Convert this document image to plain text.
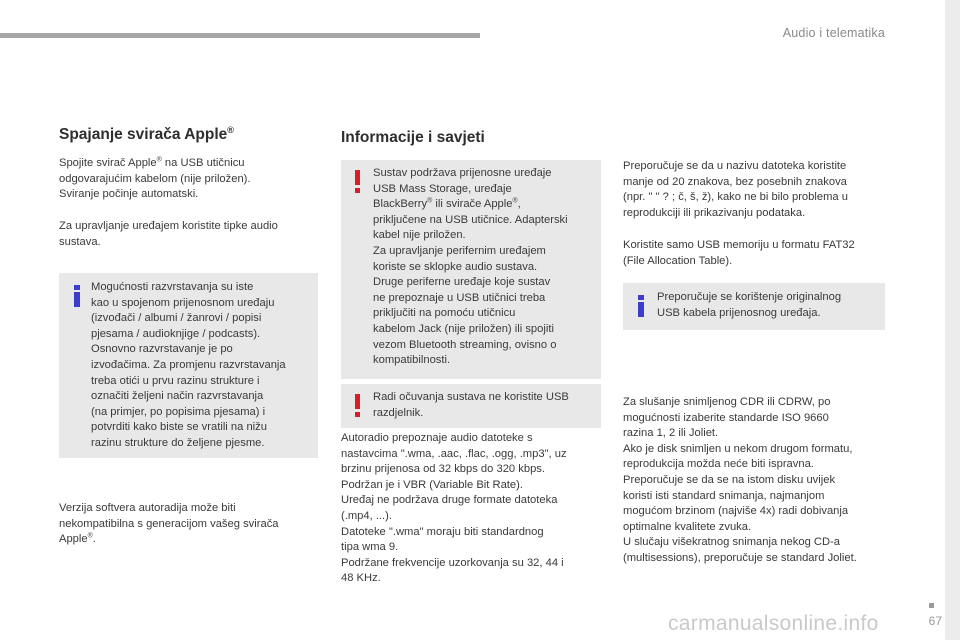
Audio i telematika
67
Spajanje svirača Apple®
Spojite svirač Apple® na USB utičnicu
odgovarajućim kabelom (nije priložen).
Sviranje počinje automatski.
Za upravljanje uređajem koristite tipke audio
sustava.
Mogućnosti razvrstavanja su iste
kao u spojenom prijenosnom uređaju
(izvođači / albumi / žanrovi / popisi
pjesama / audioknjige / podcasts).
Osnovno razvrstavanje je po
izvođačima. Za promjenu razvrstavanja
treba otići u prvu razinu strukture i
označiti željeni način razvrstavanja
(na primjer, po popisima pjesama) i
potvrditi kako biste se vratili na nižu
razinu strukture do željene pjesme.
Verzija softvera autoradija može biti
nekompatibilna s generacijom vašeg svirača
Apple®.
Informacije i savjeti
Sustav podržava prijenosne uređaje
USB Mass Storage, uređaje
BlackBerry® ili svirače Apple®,
priključene na USB utičnice. Adapterski
kabel nije priložen.
Za upravljanje perifernim uređajem
koriste se sklopke audio sustava.
Druge periferne uređaje koje sustav
ne prepoznaje u USB utičnici treba
priključiti na pomoću utičnicu
kabelom Jack (nije priložen) ili spojiti
vezom Bluetooth streaming, ovisno o
kompatibilnosti.
Radi očuvanja sustava ne koristite USB
razdjelnik.
Autoradio prepoznaje audio datoteke s
nastavcima ".wma, .aac, .flac, .ogg, .mp3", uz
brzinu prijenosa od 32 kbps do 320 kbps.
Podržan je i VBR (Variable Bit Rate).
Uređaj ne podržava druge formate datoteka
(.mp4, ...).
Datoteke ".wma" moraju biti standardnog
tipa wma 9.
Podržane frekvencije uzorkovanja su 32, 44 i
48 KHz.
Preporučuje se da u nazivu datoteka koristite
manje od 20 znakova, bez posebnih znakova
(npr. " " ? ; č, š, ž), kako ne bi bilo problema u
reprodukciji ili prikazivanju podataka.
Koristite samo USB memoriju u formatu FAT32
(File Allocation Table).
Preporučuje se korištenje originalnog
USB kabela prijenosnog uređaja.
Za slušanje snimljenog CDR ili CDRW, po
mogućnosti izaberite standarde ISO 9660
razina 1, 2 ili Joliet.
Ako je disk snimljen u nekom drugom formatu,
reprodukcija možda neće biti ispravna.
Preporučuje se da se na istom disku uvijek
koristi isti standard snimanja, najmanjom
mogućom brzinom (najviše 4x) radi dobivanja
optimalne kvalitete zvuka.
U slučaju višekratnog snimanja nekog CD-a
(multisessions), preporučuje se standard Joliet.
carmanualsonline.info
